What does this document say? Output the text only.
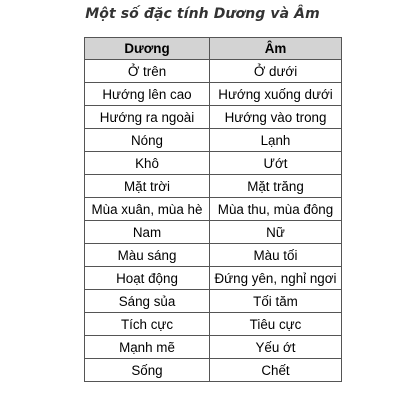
Một số đặc tính Dương và Âm
Dương	Âm
Ở trên	Ở dưới
Hướng lên cao	Hướng xuống dưới
Hướng ra ngoài	Hướng vào trong
Nóng	Lạnh
Khô	Ướt
Mặt trời	Mặt trăng
Mùa xuân, mùa hè	Mùa thu, mùa đông
Nam	Nữ
Màu sáng	Màu tối
Hoạt động	Đứng yên, nghỉ ngơi
Sáng sủa	Tối tăm
Tích cực	Tiêu cực
Mạnh mẽ	Yếu ớt
Sống	Chết
